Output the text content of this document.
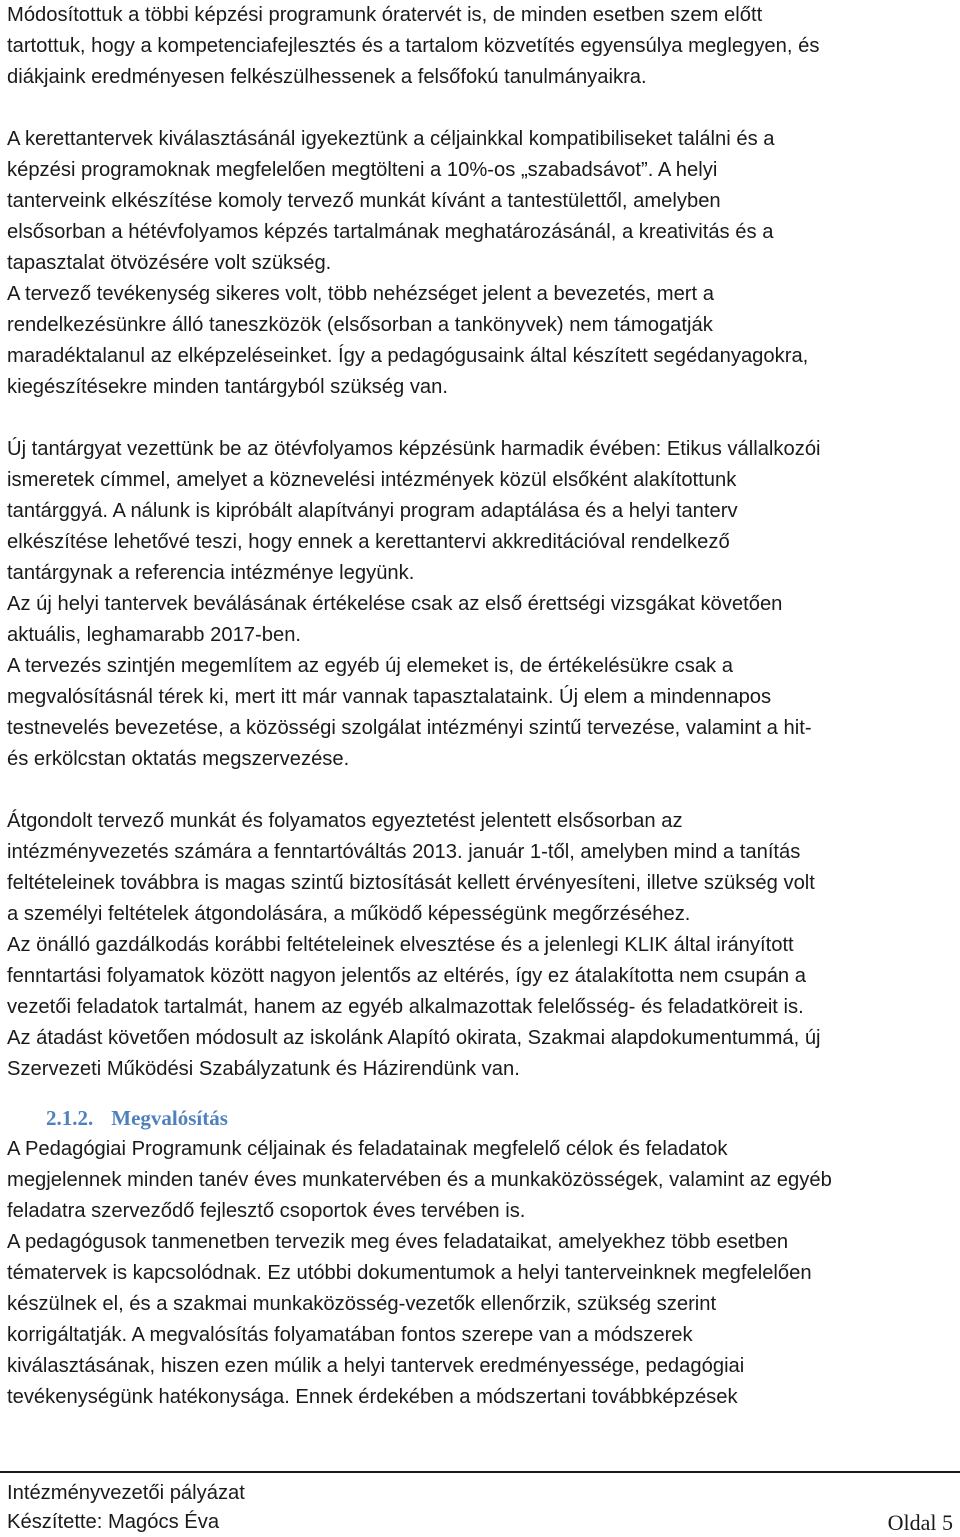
Módosítottuk a többi képzési programunk óratervét is, de minden esetben szem előtt
tartottuk, hogy a kompetenciafejlesztés és a tartalom közvetítés egyensúlya meglegyen, és
diákjaink eredményesen felkészülhessenek a felsőfokú tanulmányaikra.
A kerettantervek kiválasztásánál igyekeztünk a céljainkkal kompatibiliseket találni és a
képzési programoknak megfelelően megtölteni a 10%-os „szabadsávot”. A helyi
tanterveink elkészítése komoly tervező munkát kívánt a tantestülettől, amelyben
elsősorban a hétévfolyamos képzés tartalmának meghatározásánál, a kreativitás és a
tapasztalat ötvözésére volt szükség.
A tervező tevékenység sikeres volt, több nehézséget jelent a bevezetés, mert a
rendelkezésünkre álló taneszközök (elsősorban a tankönyvek) nem támogatják
maradéktalanul az elképzeléseinket. Így a pedagógusaink által készített segédanyagokra,
kiegészítésekre minden tantárgyból szükség van.
Új tantárgyat vezettünk be az ötévfolyamos képzésünk harmadik évében: Etikus vállalkozói
ismeretek címmel, amelyet a köznevelési intézmények közül elsőként alakítottunk
tantárggyá. A nálunk is kipróbált alapítványi program adaptálása és a helyi tanterv
elkészítése lehetővé teszi, hogy ennek a kerettantervi akkreditációval rendelkező
tantárgynak a referencia intézménye legyünk.
Az új helyi tantervek beválásának értékelése csak az első érettségi vizsgákat követően
aktuális, leghamarabb 2017-ben.
A tervezés szintjén megemlítem az egyéb új elemeket is, de értékelésükre csak a
megvalósításnál térek ki, mert itt már vannak tapasztalataink. Új elem a mindennapos
testnevelés bevezetése, a közösségi szolgálat intézményi szintű tervezése, valamint a hit-
és erkölcstan oktatás megszervezése.
Átgondolt tervező munkát és folyamatos egyeztetést jelentett elsősorban az
intézményvezetés számára a fenntartóváltás 2013. január 1-től, amelyben mind a tanítás
feltételeinek továbbra is magas szintű biztosítását kellett érvényesíteni, illetve szükség volt
a személyi feltételek átgondolására, a működő képességünk megőrzéséhez.
Az önálló gazdálkodás korábbi feltételeinek elvesztése és a jelenlegi KLIK által irányított
fenntartási folyamatok között nagyon jelentős az eltérés, így ez átalakította nem csupán a
vezetői feladatok tartalmát, hanem az egyéb alkalmazottak felelősség- és feladatköreit is.
Az átadást követően módosult az iskolánk Alapító okirata, Szakmai alapdokumentummá, új
Szervezeti Működési Szabályzatunk és Házirendünk van.
2.1.2. Megvalósítás
A Pedagógiai Programunk céljainak és feladatainak megfelelő célok és feladatok
megjelennek minden tanév éves munkatervében és a munkaközösségek, valamint az egyéb
feladatra szerveződő fejlesztő csoportok éves tervében is.
A pedagógusok tanmenetben tervezik meg éves feladataikat, amelyekhez több esetben
tématervek is kapcsolódnak. Ez utóbbi dokumentumok a helyi tanterveinknek megfelelően
készülnek el, és a szakmai munkaközösség-vezetők ellenőrzik, szükség szerint
korrigáltatják. A megvalósítás folyamatában fontos szerepe van a módszerek
kiválasztásának, hiszen ezen múlik a helyi tantervek eredményessége, pedagógiai
tevékenységünk hatékonysága. Ennek érdekében a módszertani továbbképzések
Intézményvezetői pályázat
Készítette: Magócs Éva	Oldal 5
